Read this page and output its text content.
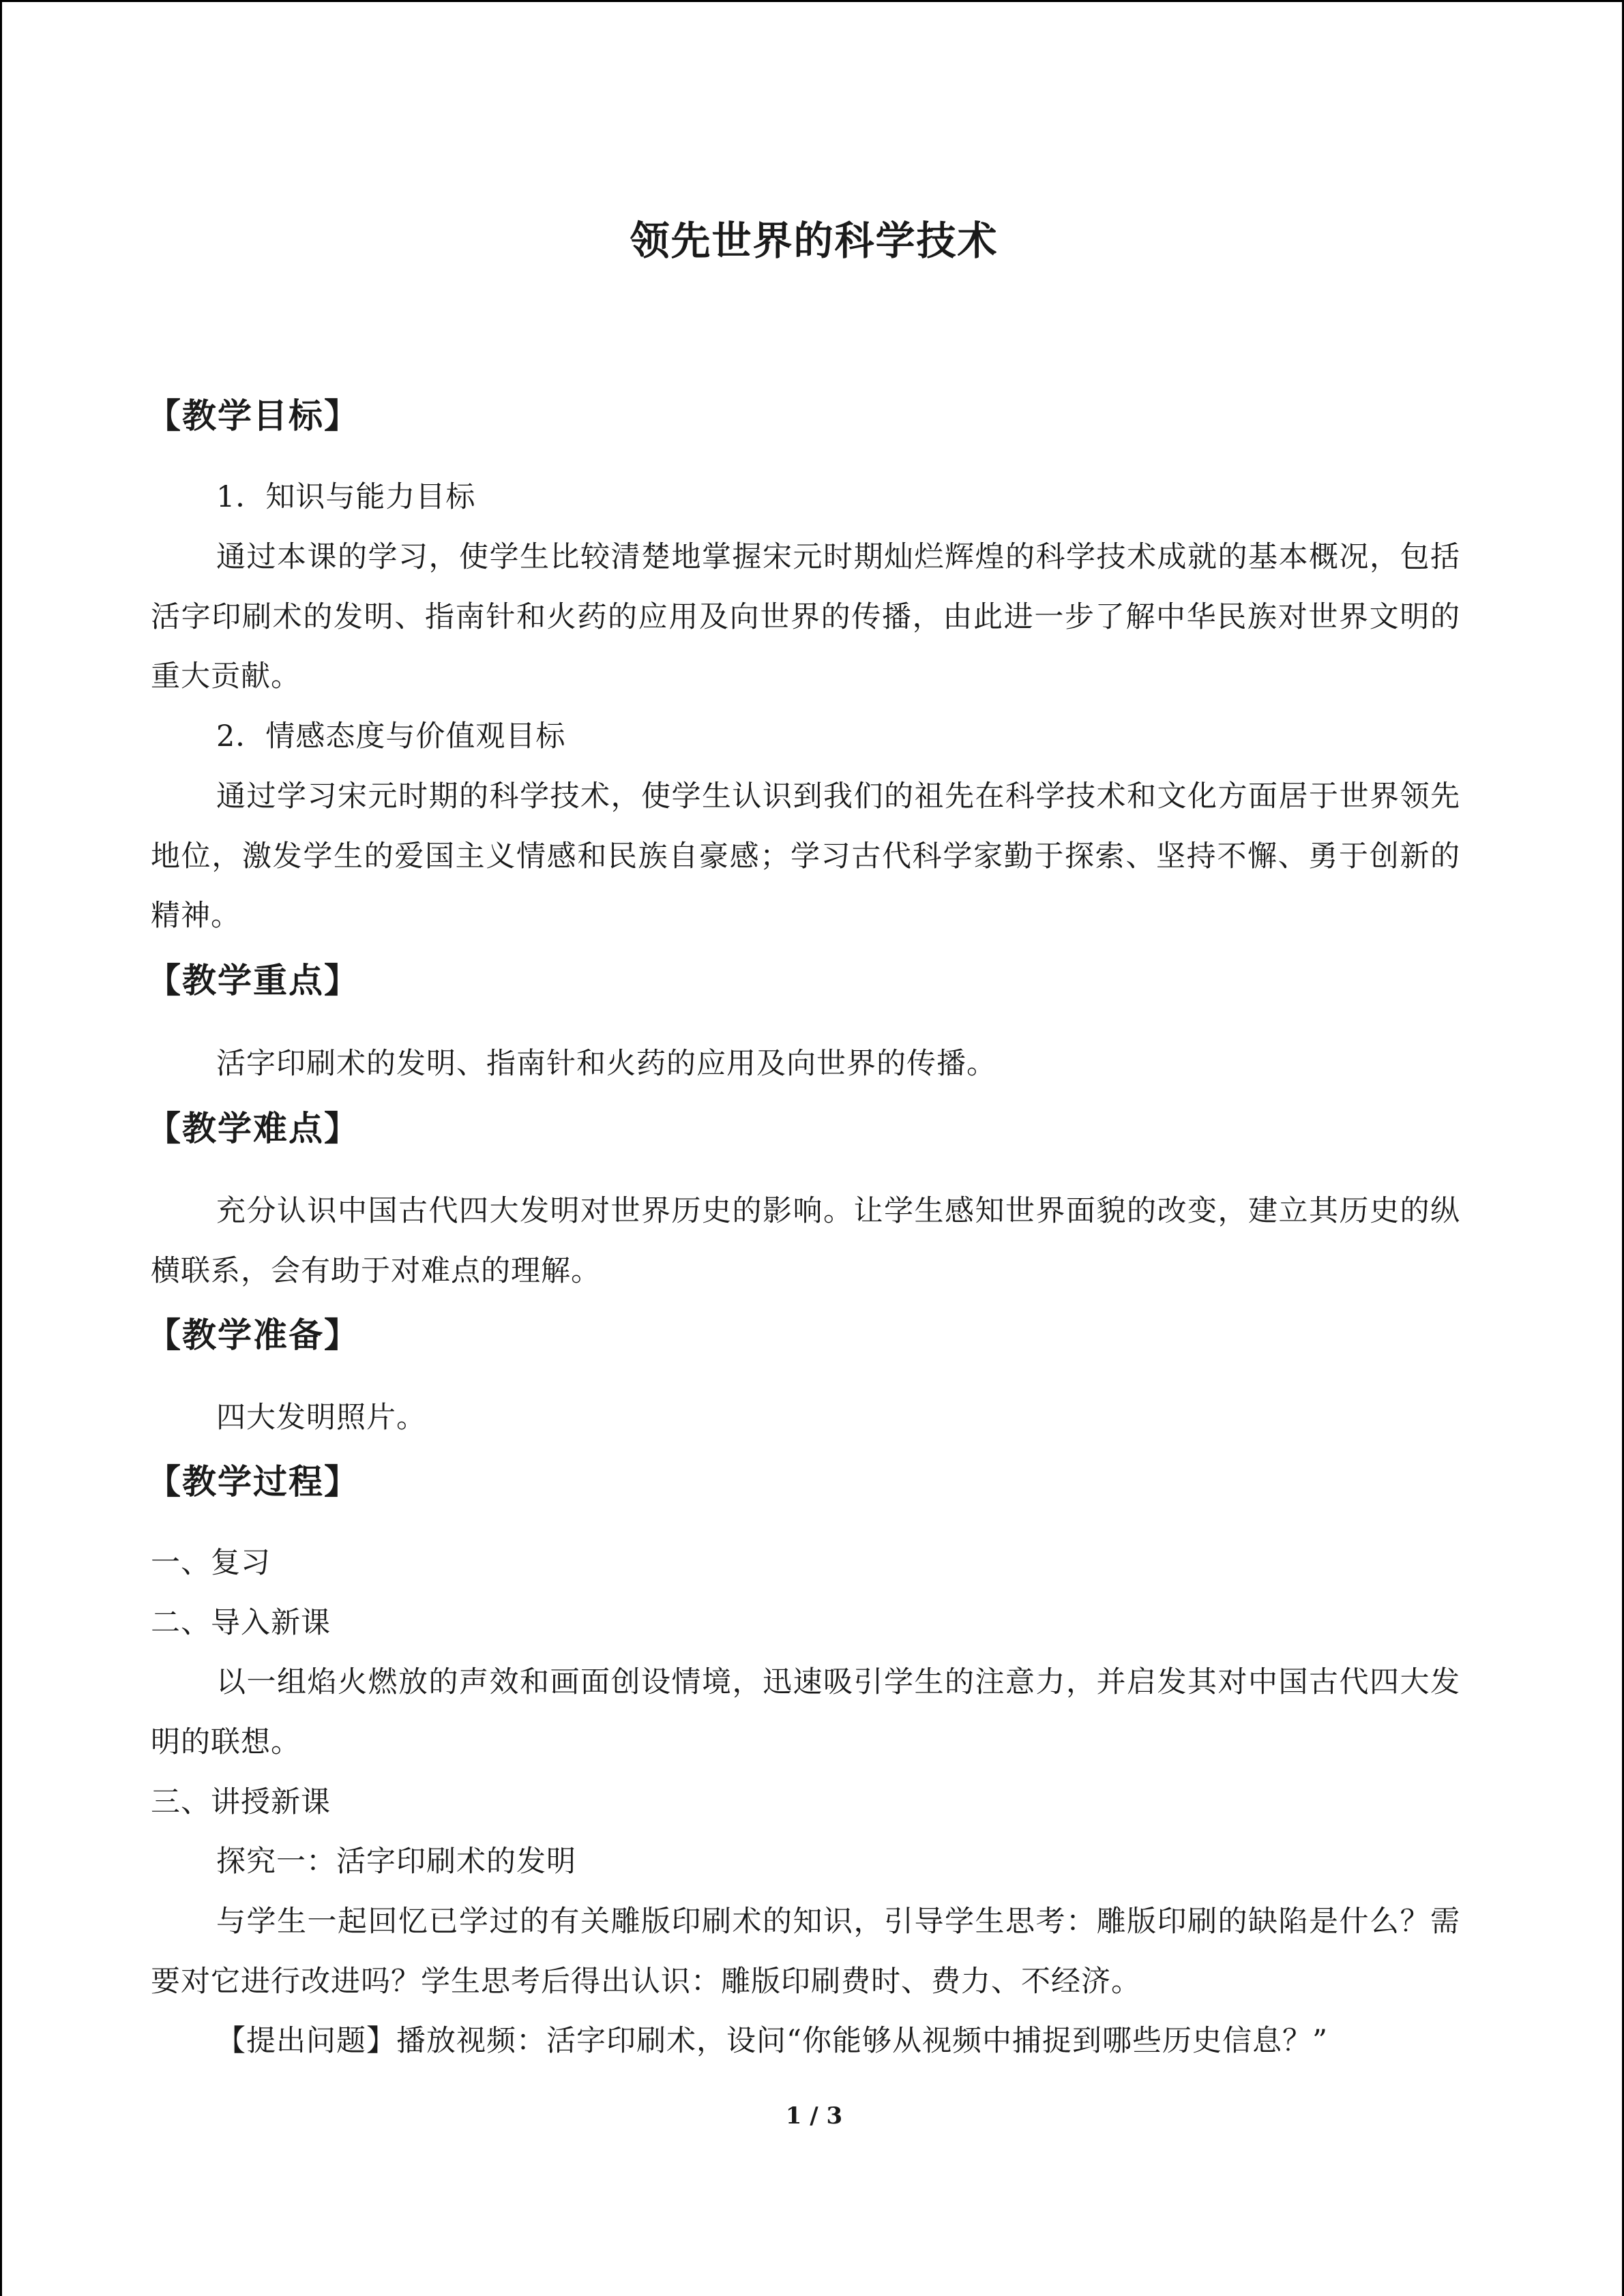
领先世界的科学技术
【教学目标】
1．知识与能力目标
通过本课的学习，使学生比较清楚地掌握宋元时期灿烂辉煌的科学技术成就的基本概况，包括活字印刷术的发明、指南针和火药的应用及向世界的传播，由此进一步了解中华民族对世界文明的重大贡献。
2．情感态度与价值观目标
通过学习宋元时期的科学技术，使学生认识到我们的祖先在科学技术和文化方面居于世界领先地位，激发学生的爱国主义情感和民族自豪感；学习古代科学家勤于探索、坚持不懈、勇于创新的精神。
【教学重点】
活字印刷术的发明、指南针和火药的应用及向世界的传播。
【教学难点】
充分认识中国古代四大发明对世界历史的影响。让学生感知世界面貌的改变，建立其历史的纵横联系，会有助于对难点的理解。
【教学准备】
四大发明照片。
【教学过程】
一、复习
二、导入新课
以一组焰火燃放的声效和画面创设情境，迅速吸引学生的注意力，并启发其对中国古代四大发明的联想。
三、讲授新课
探究一：活字印刷术的发明
与学生一起回忆已学过的有关雕版印刷术的知识，引导学生思考：雕版印刷的缺陷是什么？需要对它进行改进吗？学生思考后得出认识：雕版印刷费时、费力、不经济。
【提出问题】播放视频：活字印刷术，设问“你能够从视频中捕捉到哪些历史信息？”
1 / 3
